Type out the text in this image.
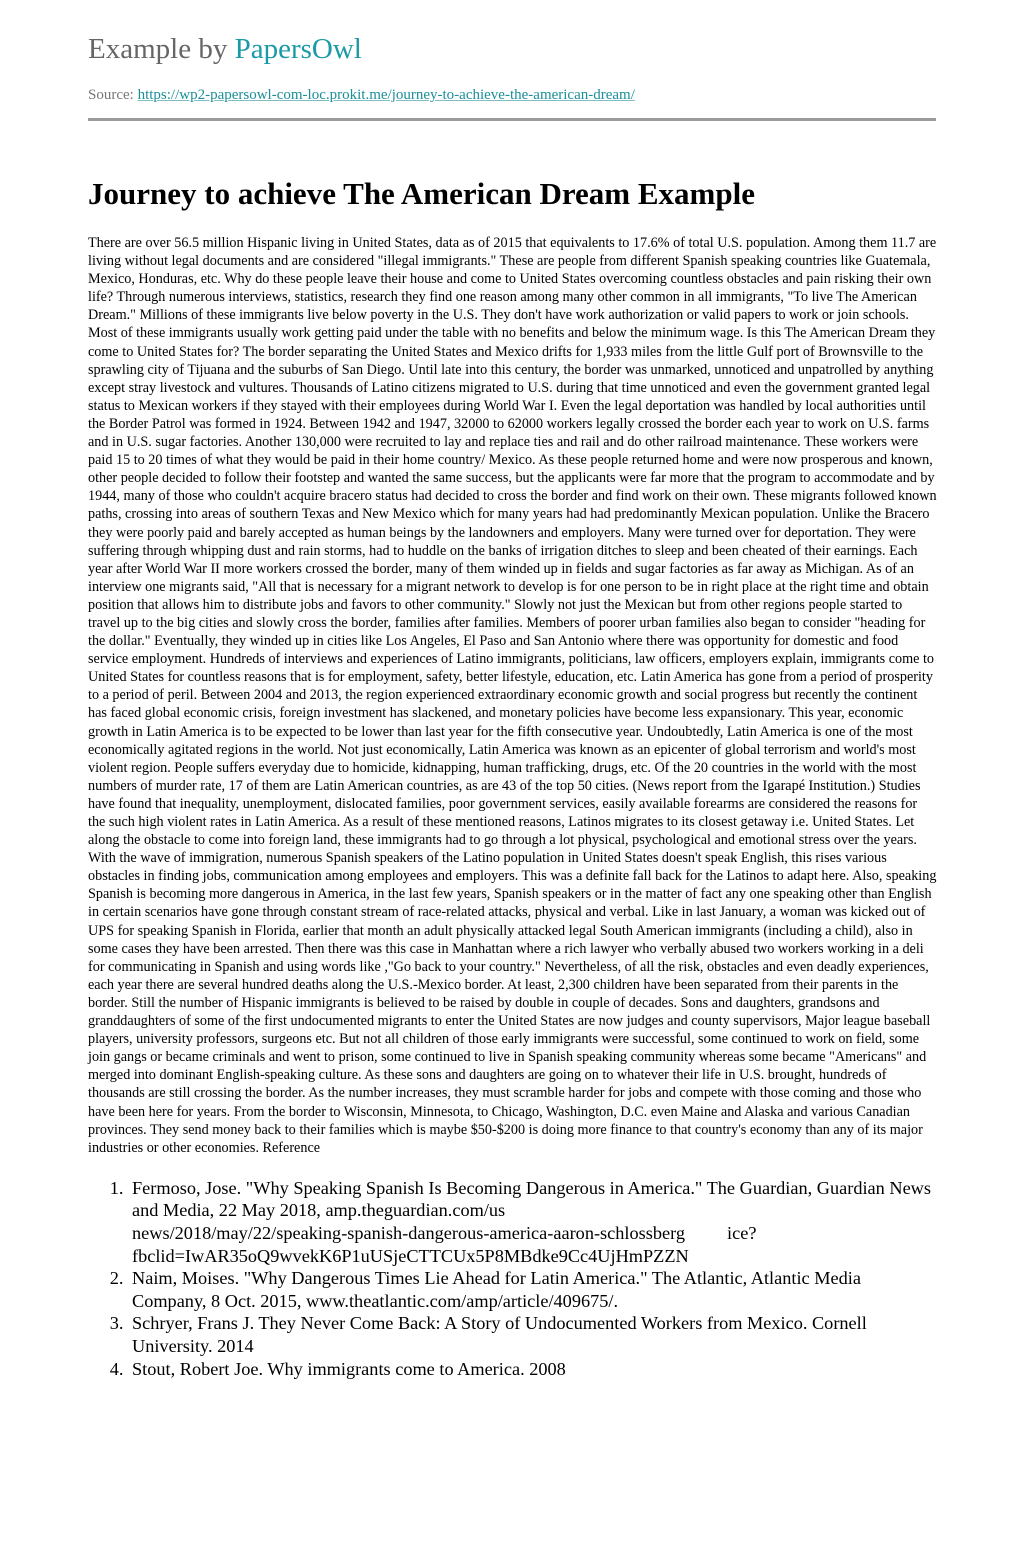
Example by PapersOwl
Source: https://wp2-papersowl-com-loc.prokit.me/journey-to-achieve-the-american-dream/
Journey to achieve The American Dream Example

There are over 56.5 million Hispanic living in United States, data as of 2015 that equivalents to 17.6% of total U.S. population. Among them 11.7 are living without legal documents and are considered "illegal immigrants." These are people from different Spanish speaking countries like Guatemala, Mexico, Honduras, etc. Why do these people leave their house and come to United States overcoming countless obstacles and pain risking their own life? Through numerous interviews, statistics, research they find one reason among many other common in all immigrants, "To live The American Dream." Millions of these immigrants live below poverty in the U.S. They don't have work authorization or valid papers to work or join schools. Most of these immigrants usually work getting paid under the table with no benefits and below the minimum wage. Is this The American Dream they come to United States for? The border separating the United States and Mexico drifts for 1,933 miles from the little Gulf port of Brownsville to the sprawling city of Tijuana and the suburbs of San Diego. Until late into this century, the border was unmarked, unnoticed and unpatrolled by anything except stray livestock and vultures. Thousands of Latino citizens migrated to U.S. during that time unnoticed and even the government granted legal status to Mexican workers if they stayed with their employees during World War I. Even the legal deportation was handled by local authorities until the Border Patrol was formed in 1924. Between 1942 and 1947, 32000 to 62000 workers legally crossed the border each year to work on U.S. farms and in U.S. sugar factories. Another 130,000 were recruited to lay and replace ties and rail and do other railroad maintenance. These workers were paid 15 to 20 times of what they would be paid in their home country/ Mexico. As these people returned home and were now prosperous and known, other people decided to follow their footstep and wanted the same success, but the applicants were far more that the program to accommodate and by 1944, many of those who couldn't acquire bracero status had decided to cross the border and find work on their own. These migrants followed known paths, crossing into areas of southern Texas and New Mexico which for many years had had predominantly Mexican population. Unlike the Bracero they were poorly paid and barely accepted as human beings by the landowners and employers. Many were turned over for deportation. They were suffering through whipping dust and rain storms, had to huddle on the banks of irrigation ditches to sleep and been cheated of their earnings. Each year after World War II more workers crossed the border, many of them winded up in fields and sugar factories as far away as Michigan. As of an interview one migrants said, "All that is necessary for a migrant network to develop is for one person to be in right place at the right time and obtain position that allows him to distribute jobs and favors to other community." Slowly not just the Mexican but from other regions people started to travel up to the big cities and slowly cross the border, families after families. Members of poorer urban families also began to consider "heading for the dollar." Eventually, they winded up in cities like Los Angeles, El Paso and San Antonio where there was opportunity for domestic and food service employment. Hundreds of interviews and experiences of Latino immigrants, politicians, law officers, employers explain, immigrants come to United States for countless reasons that is for employment, safety, better lifestyle, education, etc. Latin America has gone from a period of prosperity to a period of peril. Between 2004 and 2013, the region experienced extraordinary economic growth and social progress but recently the continent has faced global economic crisis, foreign investment has slackened, and monetary policies have become less expansionary. This year, economic growth in Latin America is to be expected to be lower than last year for the fifth consecutive year. Undoubtedly, Latin America is one of the most economically agitated regions in the world. Not just economically, Latin America was known as an epicenter of global terrorism and world's most violent region. People suffers everyday due to homicide, kidnapping, human trafficking, drugs, etc. Of the 20 countries in the world with the most numbers of murder rate, 17 of them are Latin American countries, as are 43 of the top 50 cities. (News report from the Igarapé Institution.) Studies have found that inequality, unemployment, dislocated families, poor government services, easily available forearms are considered the reasons for the such high violent rates in Latin America. As a result of these mentioned reasons, Latinos migrates to its closest getaway i.e. United States. Let along the obstacle to come into foreign land, these immigrants had to go through a lot physical, psychological and emotional stress over the years. With the wave of immigration, numerous Spanish speakers of the Latino population in United States doesn't speak English, this rises various obstacles in finding jobs, communication among employees and employers. This was a definite fall back for the Latinos to adapt here. Also, speaking Spanish is becoming more dangerous in America, in the last few years, Spanish speakers or in the matter of fact any one speaking other than English in certain scenarios have gone through constant stream of race-related attacks, physical and verbal. Like in last January, a woman was kicked out of UPS for speaking Spanish in Florida, earlier that month an adult physically attacked legal South American immigrants (including a child), also in some cases they have been arrested. Then there was this case in Manhattan where a rich lawyer who verbally abused two workers working in a deli for communicating in Spanish and using words like ,"Go back to your country." Nevertheless, of all the risk, obstacles and even deadly experiences, each year there are several hundred deaths along the U.S.-Mexico border. At least, 2,300 children have been separated from their parents in the border. Still the number of Hispanic immigrants is believed to be raised by double in couple of decades. Sons and daughters, grandsons and granddaughters of some of the first undocumented migrants to enter the United States are now judges and county supervisors, Major league baseball players, university professors, surgeons etc. But not all children of those early immigrants were successful, some continued to work on field, some join gangs or became criminals and went to prison, some continued to live in Spanish speaking community whereas some became "Americans" and merged into dominant English-speaking culture. As these sons and daughters are going on to whatever their life in U.S. brought, hundreds of thousands are still crossing the border. As the number increases, they must scramble harder for jobs and compete with those coming and those who have been here for years. From the border to Wisconsin, Minnesota, to Chicago, Washington, D.C. even Maine and Alaska and various Canadian provinces. They send money back to their families which is maybe $50-$200 is doing more finance to that country's economy than any of its major industries or other economies. Reference

1. Fermoso, Jose. "Why Speaking Spanish Is Becoming Dangerous in America." The Guardian, Guardian News and Media, 22 May 2018, amp.theguardian.com/us
news/2018/may/22/speaking-spanish-dangerous-america-aaron-schlossberg ice?
fbclid=IwAR35oQ9wvekK6P1uUSjeCTTCUx5P8MBdke9Cc4UjHmPZZN
2. Naim, Moises. "Why Dangerous Times Lie Ahead for Latin America." The Atlantic, Atlantic Media Company, 8 Oct. 2015, www.theatlantic.com/amp/article/409675/.
3. Schryer, Frans J. They Never Come Back: A Story of Undocumented Workers from Mexico. Cornell University. 2014
4. Stout, Robert Joe. Why immigrants come to America. 2008
